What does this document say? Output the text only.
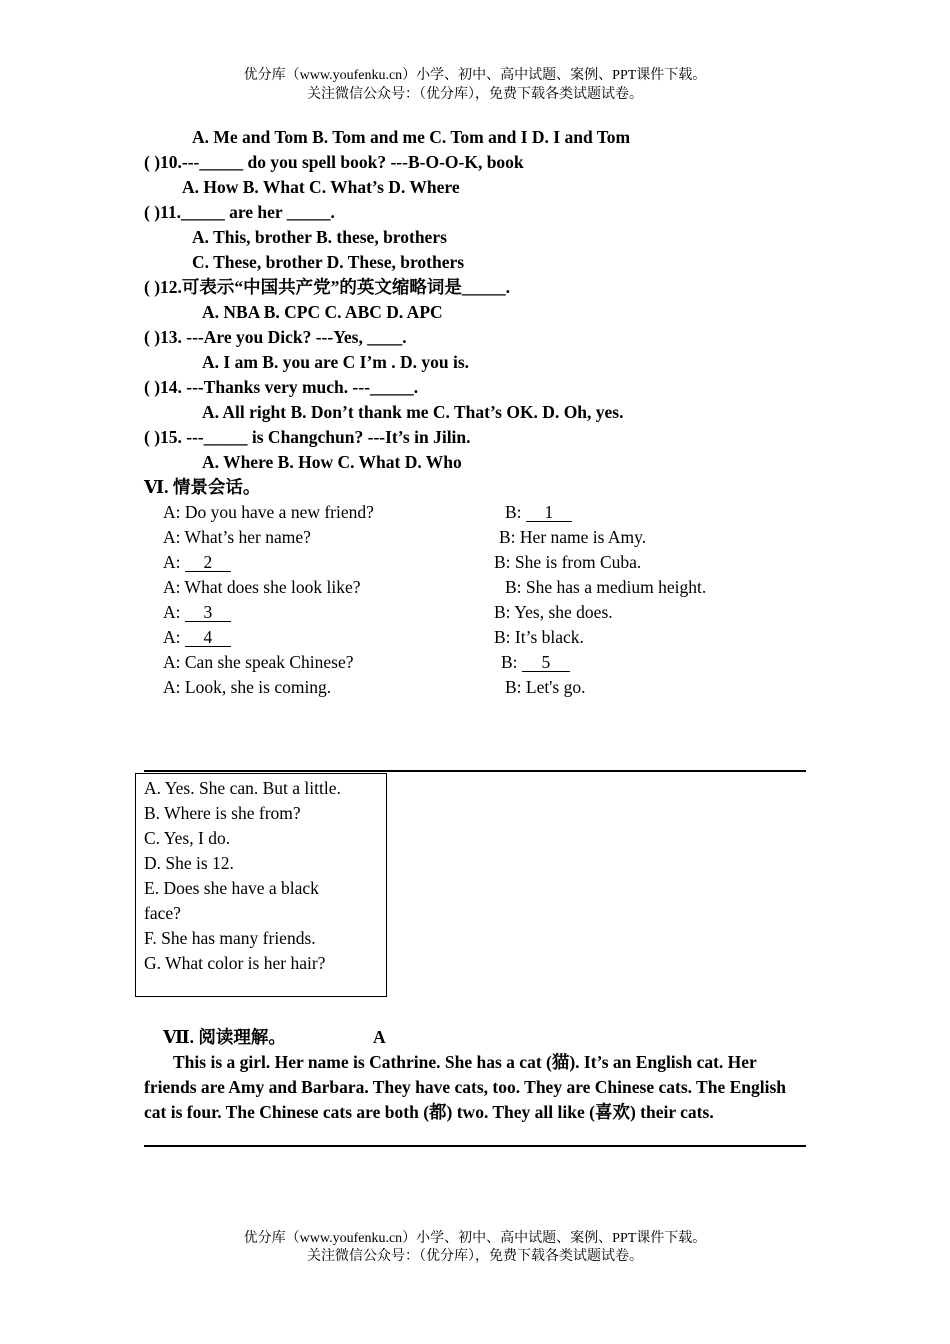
优分库（www.youfenku.cn）小学、初中、高中试题、案例、PPT课件下载。
关注微信公众号：（优分库），免费下载各类试题试卷。
A. Me and Tom B. Tom and me C. Tom and I D. I and Tom
( )10.---_____ do you spell book? ---B-O-O-K, book
A. How B. What C. What’s D. Where
( )11._____ are her _____.
A. This, brother B. these, brothers
C. These, brother D. These, brothers
( )12.可表示“中国共产党”的英文缩略词是_____.
A. NBA B. CPC C. ABC D. APC
( )13. ---Are you Dick? ---Yes, ____.
A. I am B. you are C I’m . D. you is.
( )14. ---Thanks very much. ---_____.
A. All right B. Don’t thank me C. That’s OK. D. Oh, yes.
( )15. ---_____ is Changchun? ---It’s in Jilin.
A. Where B. How C. What D. Who
Ⅵ. 情景会话。
A: Do you have a new friend?	B: 1
A: What’s her name?	B: Her name is Amy.
A: 2	B: She is from Cuba.
A: What does she look like?	B: She has a medium height.
A: 3	B: Yes, she does.
A: 4	B: It’s black.
A: Can she speak Chinese?	B: 5
A: Look, she is coming.	B: Let's go.
A. Yes. She can. But a little.
B. Where is she from?
C. Yes, I do.
D. She is 12.
E. Does she have a black face?
F. She has many friends.
G. What color is her hair?
Ⅶ. 阅读理解。	A
This is a girl. Her name is Cathrine. She has a cat (猫). It’s an English cat. Her friends are Amy and Barbara. They have cats, too. They are Chinese cats. The English cat is four. The Chinese cats are both (都) two. They all like (喜欢) their cats.
优分库（www.youfenku.cn）小学、初中、高中试题、案例、PPT课件下载。
关注微信公众号：（优分库），免费下载各类试题试卷。
